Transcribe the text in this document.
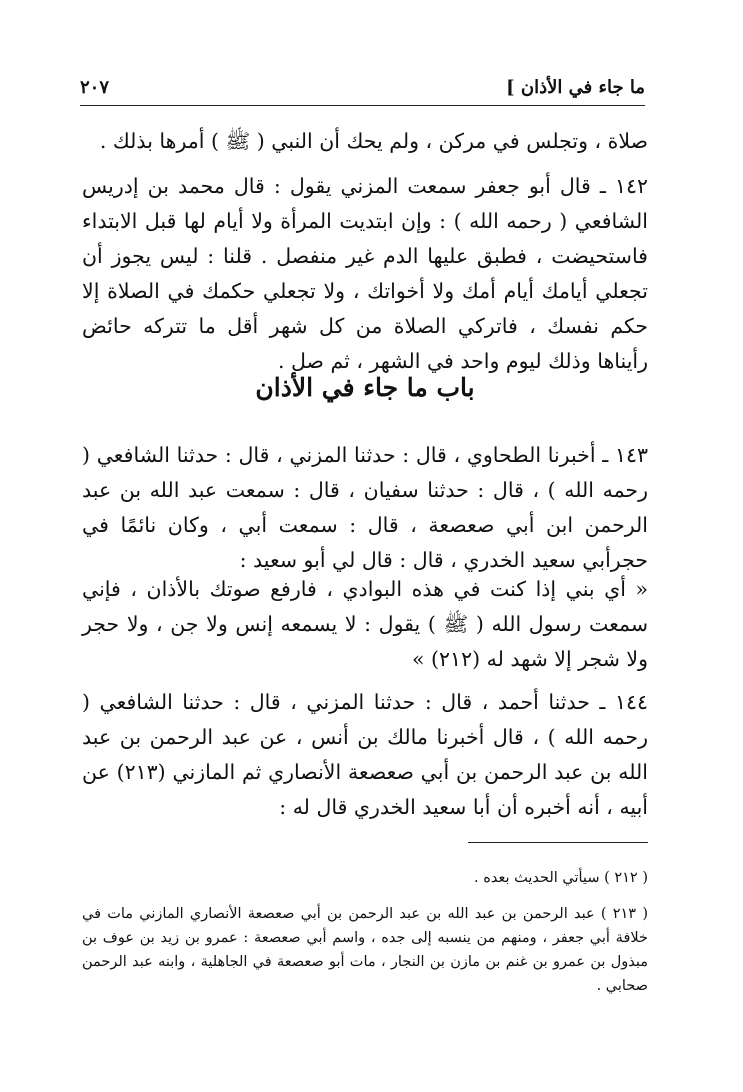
ما جاء في الأذان ]
٢٠٧

صلاة ، وتجلس في مركن ، ولم يحك أن النبي ( ﷺ ) أمرها بذلك .

١٤٢ ـ قال أبو جعفر سمعت المزني يقول : قال محمد بن إدريس الشافعي ( رحمه الله ) : وإن ابتديت المرأة ولا أيام لها قبل الابتداء فاستحيضت ، فطبق عليها الدم غير منفصل . قلنا : ليس يجوز أن تجعلي أيامك أيام أمك ولا أخواتك ، ولا تجعلي حكمك في الصلاة إلا حكم نفسك ، فاتركي الصلاة من كل شهر أقل ما تتركه حائض رأيناها وذلك ليوم واحد في الشهر ، ثم صل .

باب ما جاء في الأذان

١٤٣ ـ أخبرنا الطحاوي ، قال : حدثنا المزني ، قال : حدثنا الشافعي ( رحمه الله ) ، قال : حدثنا سفيان ، قال : سمعت عبد الله بن عبد الرحمن ابن أبي صعصعة ، قال : سمعت أبي ، وكان نائمًا في حجرأبي سعيد الخدري ، قال : قال لي أبو سعيد :

« أي بني إذا كنت في هذه البوادي ، فارفع صوتك بالأذان ، فإني سمعت رسول الله ( ﷺ ) يقول : لا يسمعه إنس ولا جن ، ولا حجر ولا شجر إلا شهد له (٢١٢) »

١٤٤ ـ حدثنا أحمد ، قال : حدثنا المزني ، قال : حدثنا الشافعي ( رحمه الله ) ، قال أخبرنا مالك بن أنس ، عن عبد الرحمن بن عبد الله بن عبد الرحمن بن أبي صعصعة الأنصاري ثم المازني (٢١٣) عن أبيه ، أنه أخبره أن أبا سعيد الخدري قال له :

( ٢١٢ ) سيأتي الحديث بعده .

( ٢١٣ ) عبد الرحمن بن عبد الله بن عبد الرحمن بن أبي صعصعة الأنصاري المازني مات في خلافة أبي جعفر ، ومنهم من ينسبه إلى جده ، واسم أبي صعصعة : عمرو بن زيد بن عوف بن مبذول بن عمرو بن غنم بن مازن بن النجار ، مات أبو صعصعة في الجاهلية ، وابنه عبد الرحمن صحابي .
